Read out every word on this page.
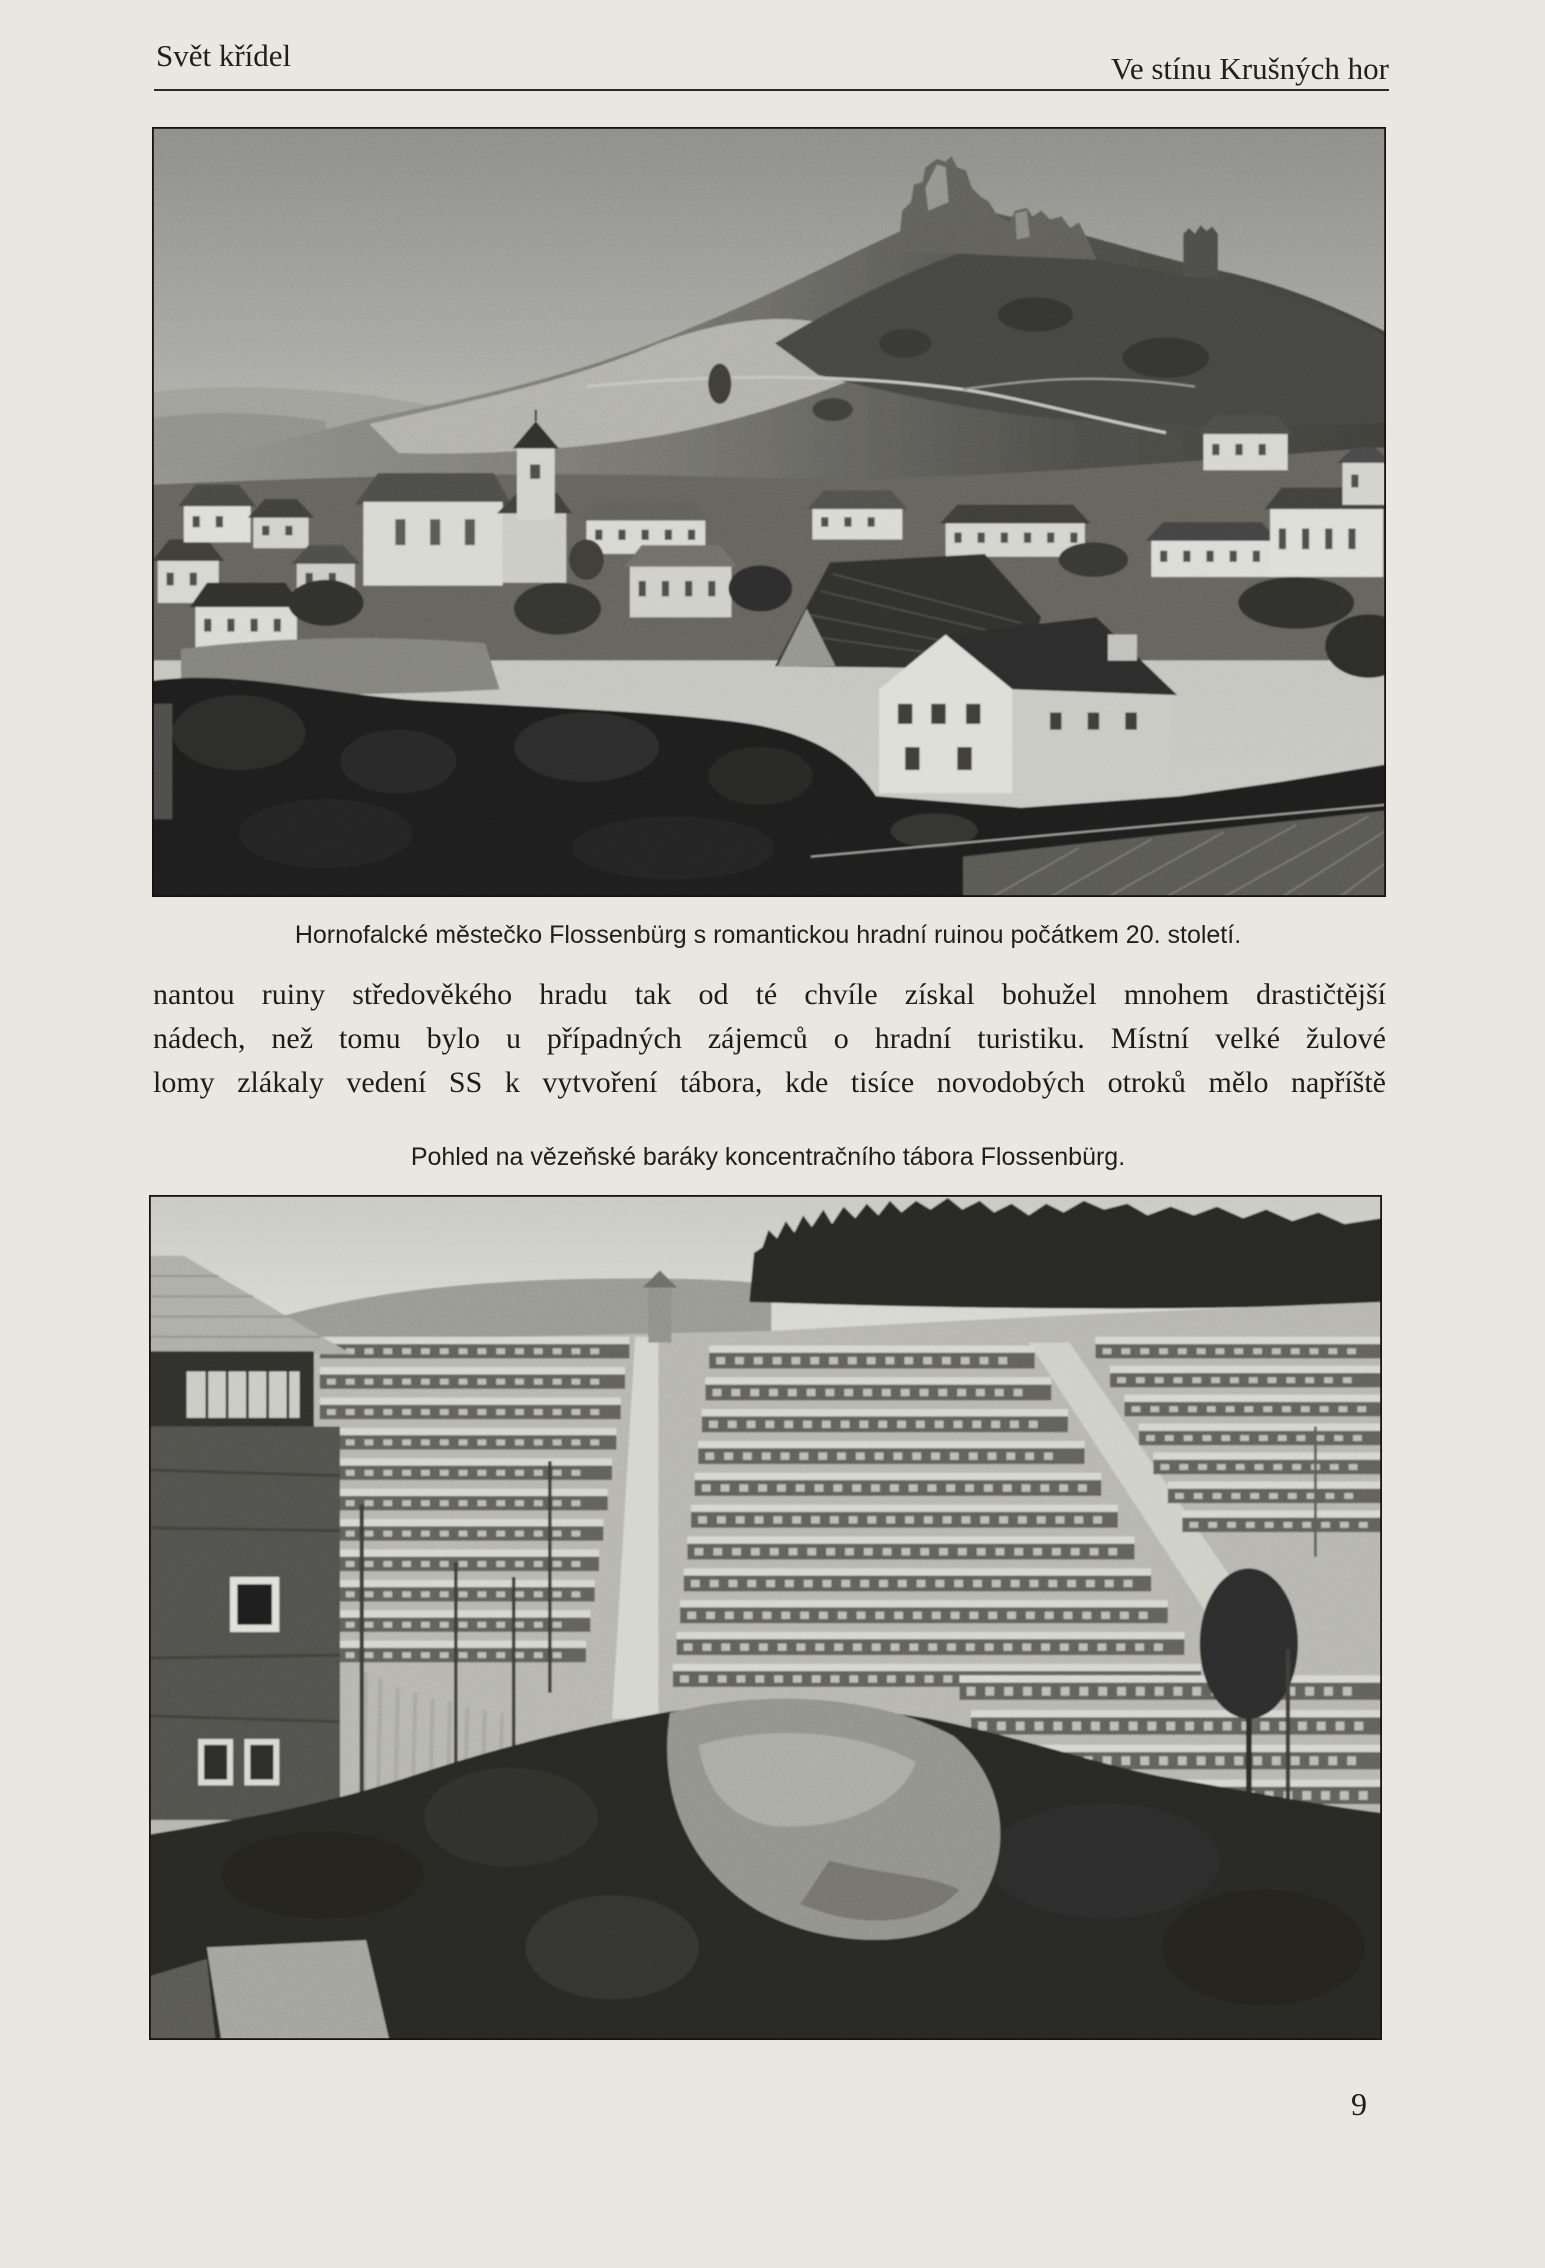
Svět křídel	Ve stínu Krušných hor
Hornofalcké městečko Flossenbürg s romantickou hradní ruinou počátkem 20. století.
nantou ruiny středověkého hradu tak od té chvíle získal bohužel mnohem drastičtější
nádech, než tomu bylo u případných zájemců o hradní turistiku. Místní velké žulové
lomy zlákaly vedení SS k vytvoření tábora, kde tisíce novodobých otroků mělo napříště
Pohled na vězeňské baráky koncentračního tábora Flossenbürg.
9
